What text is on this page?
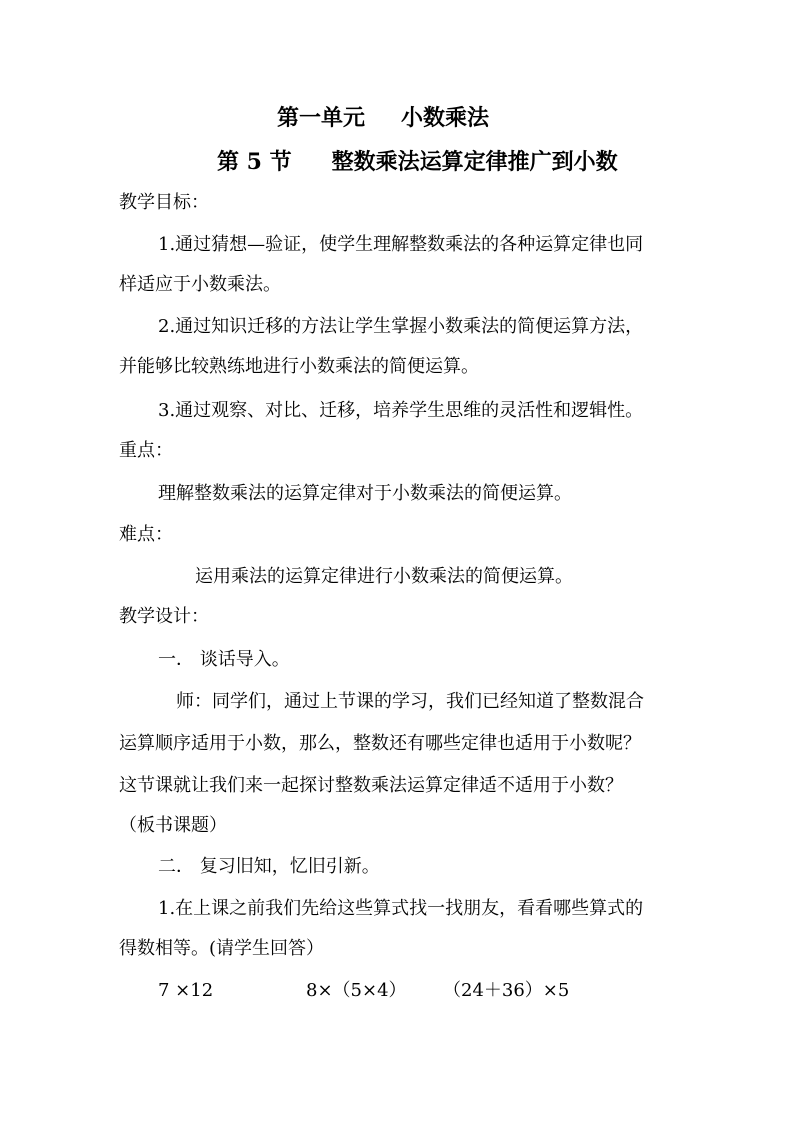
第一单元 小数乘法
第 5 节 整数乘法运算定律推广到小数
教学目标：
1.通过猜想—验证，使学生理解整数乘法的各种运算定律也同
样适应于小数乘法。
2.通过知识迁移的方法让学生掌握小数乘法的简便运算方法，
并能够比较熟练地进行小数乘法的简便运算。
3.通过观察、对比、迁移，培养学生思维的灵活性和逻辑性。
重点：
理解整数乘法的运算定律对于小数乘法的简便运算。
难点：
运用乘法的运算定律进行小数乘法的简便运算。
教学设计：
一． 谈话导入。
师：同学们，通过上节课的学习，我们已经知道了整数混合
运算顺序适用于小数，那么，整数还有哪些定律也适用于小数呢？
这节课就让我们来一起探讨整数乘法运算定律适不适用于小数？
（板书课题）
二． 复习旧知，忆旧引新。
1.在上课之前我们先给这些算式找一找朋友，看看哪些算式的
得数相等。(请学生回答）
7 ×12	8×（5×4） （24＋36）×5
